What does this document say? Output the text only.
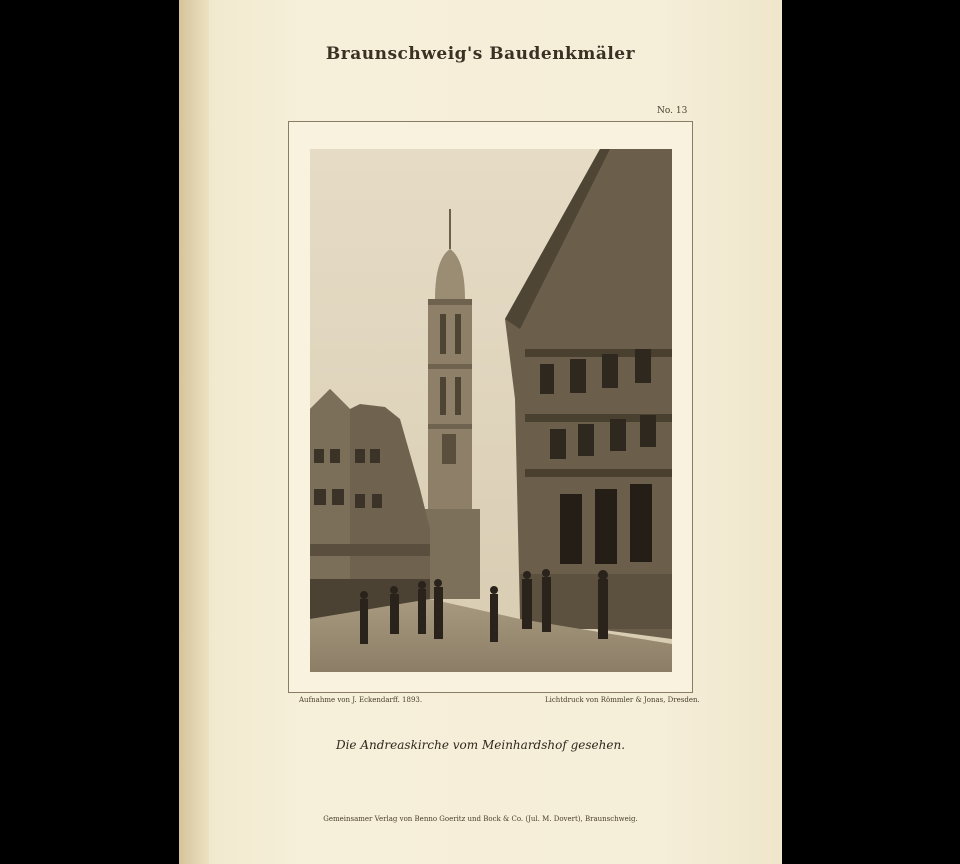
Braunschweig's Baudenkmäler
No. 13
Aufnahme von J. Eckendarff. 1893.	Lichtdruck von Römmler & Jonas, Dresden.
Die Andreaskirche vom Meinhardshof gesehen.
Gemeinsamer Verlag von Benno Goeritz und Bock & Co. (Jul. M. Dovert), Braunschweig.
